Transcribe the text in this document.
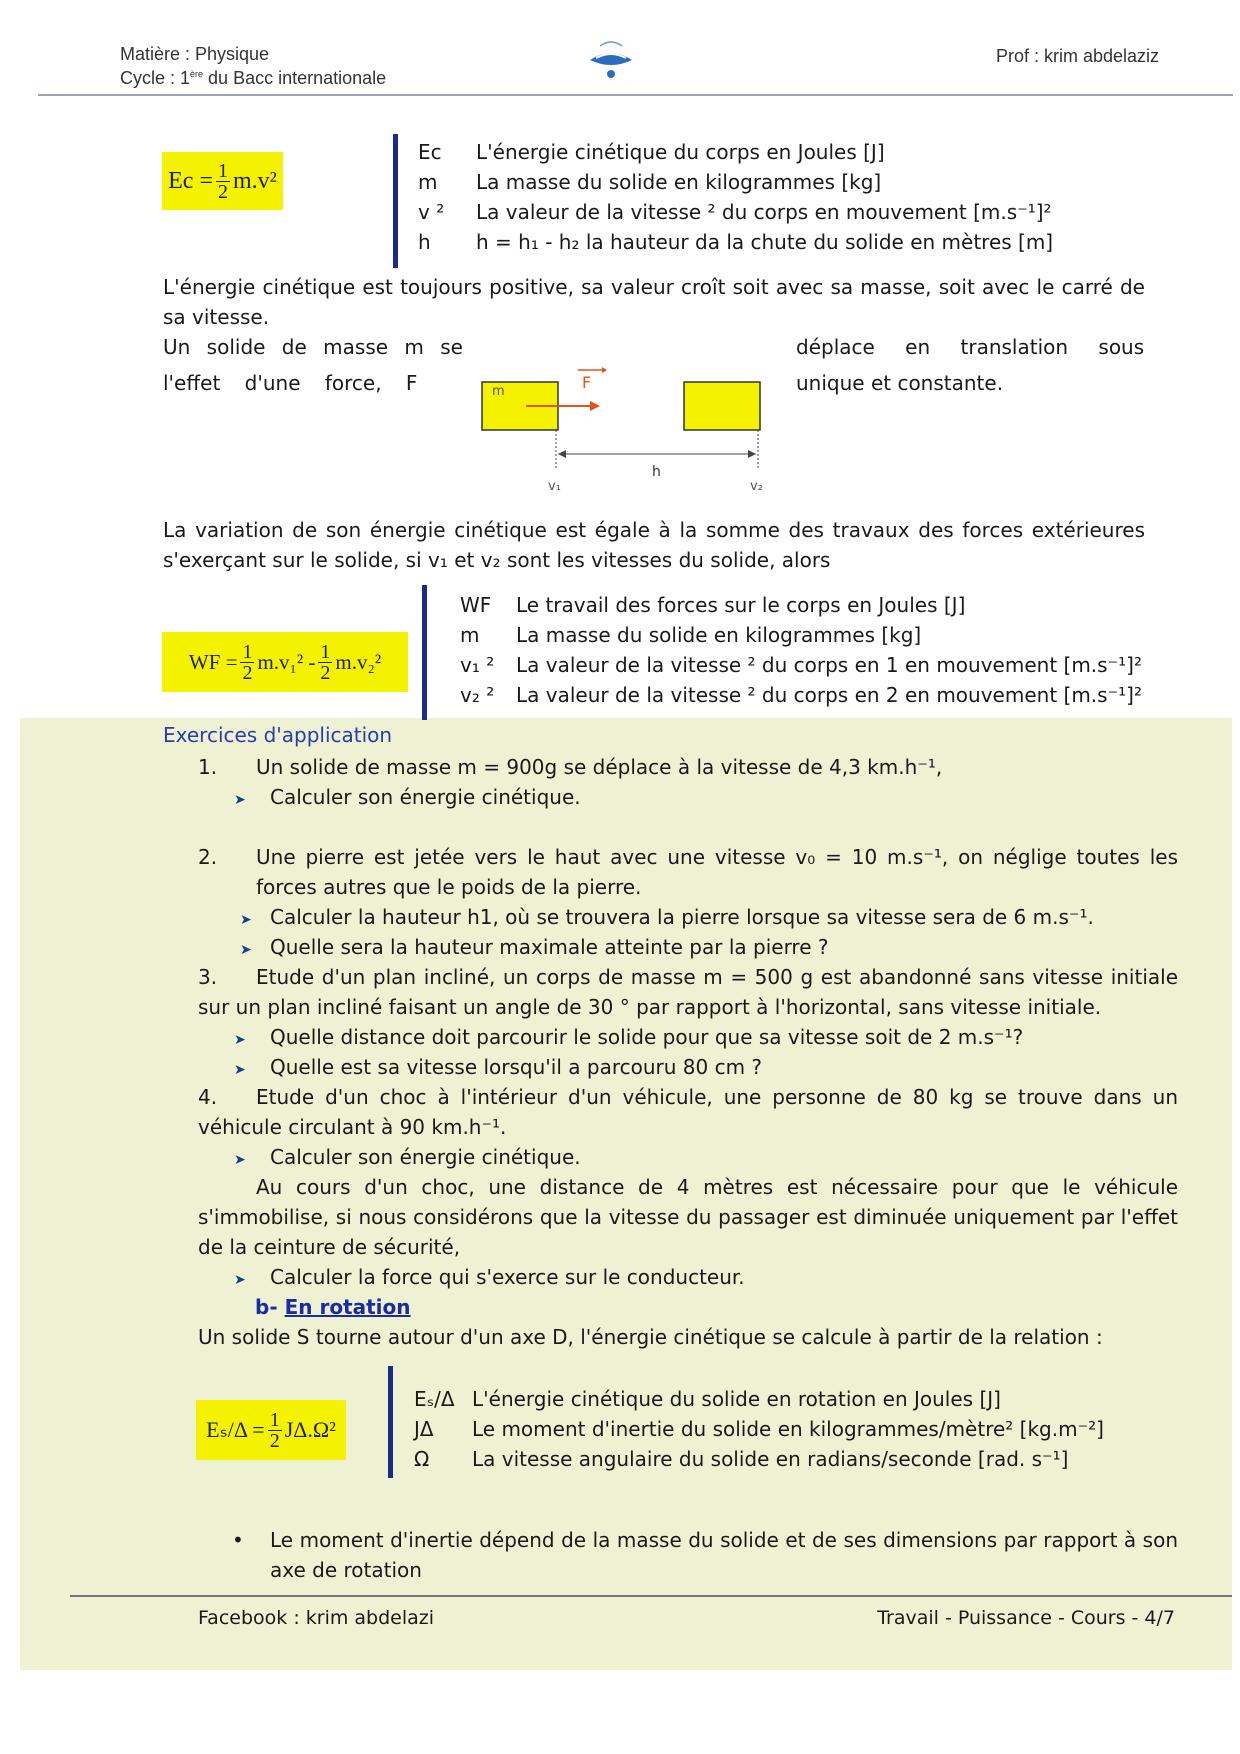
Matière : Physique
Cycle : 1ère du Bacc internationale
Prof : krim abdelaziz
$Ec = \frac{1}{2} m.v^2$
Ec	L'énergie cinétique du corps en Joules [J]
m	La masse du solide en kilogrammes [kg]
v ²	La valeur de la vitesse ² du corps en mouvement [m.s⁻¹]²
h	h = h₁ - h₂ la hauteur da la chute du solide en mètres [m]
L'énergie cinétique est toujours positive, sa valeur croît soit avec sa masse, soit avec le carré de sa vitesse.
Un solide de masse m se
l'effet d'une force, F
déplace en translation sous
unique et constante.
m	F
h
v₁	v₂
La variation de son énergie cinétique est égale à la somme des travaux des forces extérieures s'exerçant sur le solide, si v₁ et v₂ sont les vitesses du solide, alors
WF = $\frac{1}{2} m.v_1^2 - \frac{1}{2} m.v_2^2$
WF	Le travail des forces sur le corps en Joules [J]
m	La masse du solide en kilogrammes [kg]
v₁ ²	La valeur de la vitesse ² du corps en 1 en mouvement [m.s⁻¹]²
v₂ ²	La valeur de la vitesse ² du corps en 2 en mouvement [m.s⁻¹]²
Exercices d'application
1. Un solide de masse m = 900g se déplace à la vitesse de 4,3 km.h⁻¹,
➤ Calculer son énergie cinétique.
2.	Une pierre est jetée vers le haut avec une vitesse v₀ = 10 m.s⁻¹, on néglige toutes les forces autres que le poids de la pierre.
➤ Calculer la hauteur h1, où se trouvera la pierre lorsque sa vitesse sera de 6 m.s⁻¹.
➤ Quelle sera la hauteur maximale atteinte par la pierre ?
3. Etude d'un plan incliné, un corps de masse m = 500 g est abandonné sans vitesse initiale sur un plan incliné faisant un angle de 30 ° par rapport à l'horizontal, sans vitesse initiale.
➤ Quelle distance doit parcourir le solide pour que sa vitesse soit de 2 m.s⁻¹?
➤ Quelle est sa vitesse lorsqu'il a parcouru 80 cm ?
4. Etude d'un choc à l'intérieur d'un véhicule, une personne de 80 kg se trouve dans un véhicule circulant à 90 km.h⁻¹.
➤ Calculer son énergie cinétique.
Au cours d'un choc, une distance de 4 mètres est nécessaire pour que le véhicule s'immobilise, si nous considérons que la vitesse du passager est diminuée uniquement par l'effet de la ceinture de sécurité,
➤ Calculer la force qui s'exerce sur le conducteur.
b- En rotation
Un solide S tourne autour d'un axe D, l'énergie cinétique se calcule à partir de la relation :
$E_s/\Delta = \frac{1}{2} J\Delta.\Omega^2$
Eₛ/Δ L'énergie cinétique du solide en rotation en Joules [J]
JΔ	Le moment d'inertie du solide en kilogrammes/mètre² [kg.m⁻²]
Ω	La vitesse angulaire du solide en radians/seconde [rad. s⁻¹]
•	Le moment d'inertie dépend de la masse du solide et de ses dimensions par rapport à son axe de rotation
Facebook : krim abdelazi	Travail - Puissance - Cours - 4/7
